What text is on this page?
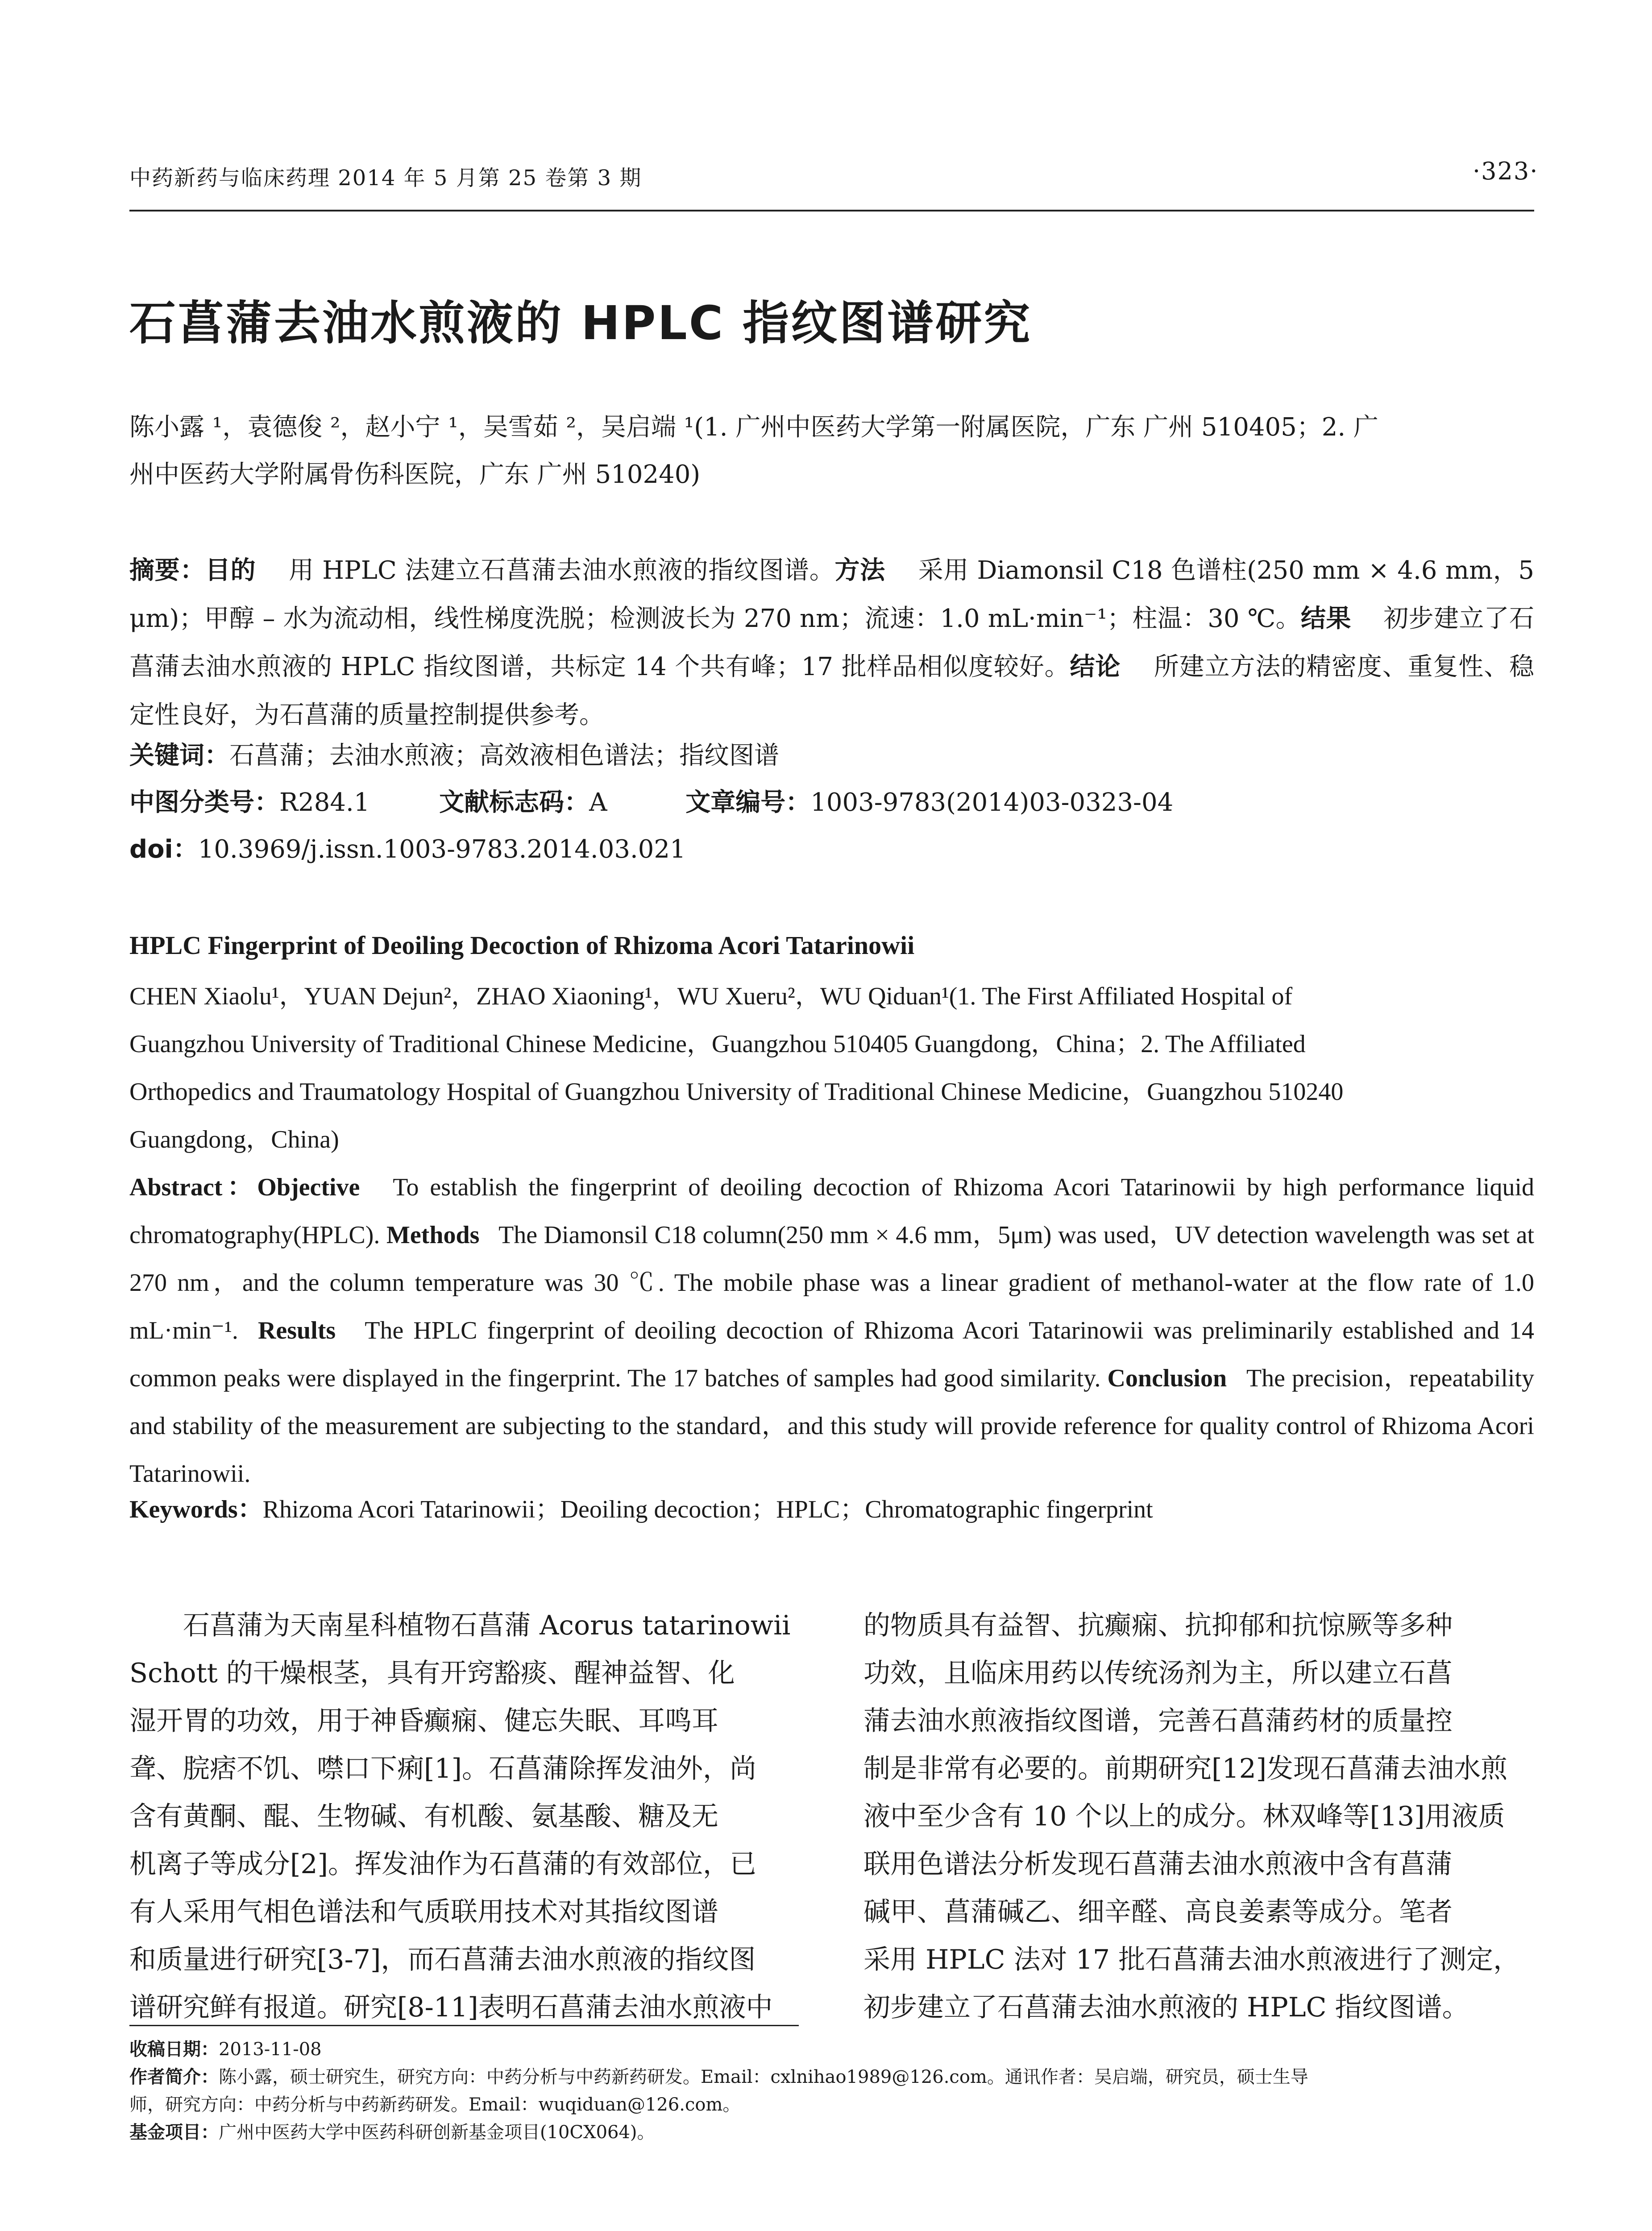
中药新药与临床药理 2014 年 5 月第 25 卷第 3 期	·323·
石菖蒲去油水煎液的 HPLC 指纹图谱研究
陈小露 ¹，袁德俊 ²，赵小宁 ¹，吴雪茹 ²，吴启端 ¹(1. 广州中医药大学第一附属医院，广东 广州 510405；2. 广
州中医药大学附属骨伤科医院，广东 广州 510240)
摘要：目的 用 HPLC 法建立石菖蒲去油水煎液的指纹图谱。方法 采用 Diamonsil C18 色谱柱(250 mm × 4.6 mm，5 μm)；甲醇 – 水为流动相，线性梯度洗脱；检测波长为 270 nm；流速：1.0 mL·min⁻¹；柱温：30 ℃。结果 初步建立了石菖蒲去油水煎液的 HPLC 指纹图谱，共标定 14 个共有峰；17 批样品相似度较好。结论 所建立方法的精密度、重复性、稳定性良好，为石菖蒲的质量控制提供参考。
关键词：石菖蒲；去油水煎液；高效液相色谱法；指纹图谱
中图分类号：R284.1	文献标志码：A	文章编号：1003-9783(2014)03-0323-04
doi：10.3969/j.issn.1003-9783.2014.03.021
HPLC Fingerprint of Deoiling Decoction of Rhizoma Acori Tatarinowii
CHEN Xiaolu¹，YUAN Dejun²，ZHAO Xiaoning¹，WU Xueru²，WU Qiduan¹(1. The First Affiliated Hospital of
Guangzhou University of Traditional Chinese Medicine，Guangzhou 510405 Guangdong，China；2. The Affiliated
Orthopedics and Traumatology Hospital of Guangzhou University of Traditional Chinese Medicine，Guangzhou 510240
Guangdong，China)
Abstract：Objective To establish the fingerprint of deoiling decoction of Rhizoma Acori Tatarinowii by high performance liquid chromatography(HPLC). Methods The Diamonsil C18 column(250 mm × 4.6 mm，5μm) was used，UV detection wavelength was set at 270 nm，and the column temperature was 30 ℃. The mobile phase was a linear gradient of methanol-water at the flow rate of 1.0 mL·min⁻¹. Results The HPLC fingerprint of deoiling decoction of Rhizoma Acori Tatarinowii was preliminarily established and 14 common peaks were displayed in the fingerprint. The 17 batches of samples had good similarity. Conclusion The precision，repeatability and stability of the measurement are subjecting to the standard，and this study will provide reference for quality control of Rhizoma Acori Tatarinowii.
Keywords：Rhizoma Acori Tatarinowii；Deoiling decoction；HPLC；Chromatographic fingerprint
石菖蒲为天南星科植物石菖蒲 Acorus tatarinowii
Schott 的干燥根茎，具有开窍豁痰、醒神益智、化
湿开胃的功效，用于神昏癫痫、健忘失眠、耳鸣耳
聋、脘痞不饥、噤口下痢[1]。石菖蒲除挥发油外，尚
含有黄酮、醌、生物碱、有机酸、氨基酸、糖及无
机离子等成分[2]。挥发油作为石菖蒲的有效部位，已
有人采用气相色谱法和气质联用技术对其指纹图谱
和质量进行研究[3-7]，而石菖蒲去油水煎液的指纹图
谱研究鲜有报道。研究[8-11]表明石菖蒲去油水煎液中
的物质具有益智、抗癫痫、抗抑郁和抗惊厥等多种
功效，且临床用药以传统汤剂为主，所以建立石菖
蒲去油水煎液指纹图谱，完善石菖蒲药材的质量控
制是非常有必要的。前期研究[12]发现石菖蒲去油水煎
液中至少含有 10 个以上的成分。林双峰等[13]用液质
联用色谱法分析发现石菖蒲去油水煎液中含有菖蒲
碱甲、菖蒲碱乙、细辛醛、高良姜素等成分。笔者
采用 HPLC 法对 17 批石菖蒲去油水煎液进行了测定，
初步建立了石菖蒲去油水煎液的 HPLC 指纹图谱。
收稿日期：2013-11-08
作者简介：陈小露，硕士研究生，研究方向：中药分析与中药新药研发。Email：cxlnihao1989@126.com。通讯作者：吴启端，研究员，硕士生导
师，研究方向：中药分析与中药新药研发。Email：wuqiduan@126.com。
基金项目：广州中医药大学中医药科研创新基金项目(10CX064)。
